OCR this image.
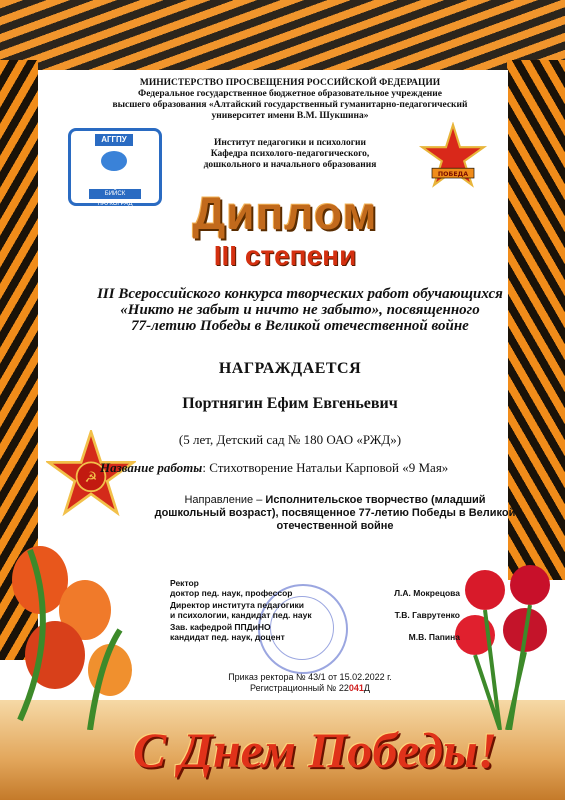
☭
МИНИСТЕРСТВО ПРОСВЕЩЕНИЯ РОССИЙСКОЙ ФЕДЕРАЦИИ
Федеральное государственное бюджетное образовательное учреждение
высшего образования «Алтайский государственный гуманитарно-педагогический
университет имени В.М. Шукшина»
АГГПУ
БИЙСК НАУКОГРАД
Институт педагогики и психологии
Кафедра психолого-педагогического,
дошкольного и начального образования
ПОБЕДА
Диплом
III степени
III Всероссийского конкурса творческих работ обучающихся
«Никто не забыт и ничто не забыто», посвященного
77-летию Победы в Великой отечественной войне
НАГРАЖДАЕТСЯ
Портнягин Ефим Евгеньевич
(5 лет, Детский сад № 180 ОАО «РЖД»)
Название работы: Стихотворение Натальи Карповой «9 Мая»
Направление – Исполнительское творчество (младший дошкольный возраст), посвященное 77-летию Победы в Великой отечественной войне
Ректор
доктор пед. наук, профессор	Л.А. Мокрецова
Директор института педагогики
и психологии, кандидат пед. наук	Т.В. Гаврутенко
Зав. кафедрой ППДиНО
кандидат пед. наук, доцент	М.В. Папина
Приказ ректора № 43/1 от 15.02.2022 г.
Регистрационный № 22041Д
С Днем Победы!
